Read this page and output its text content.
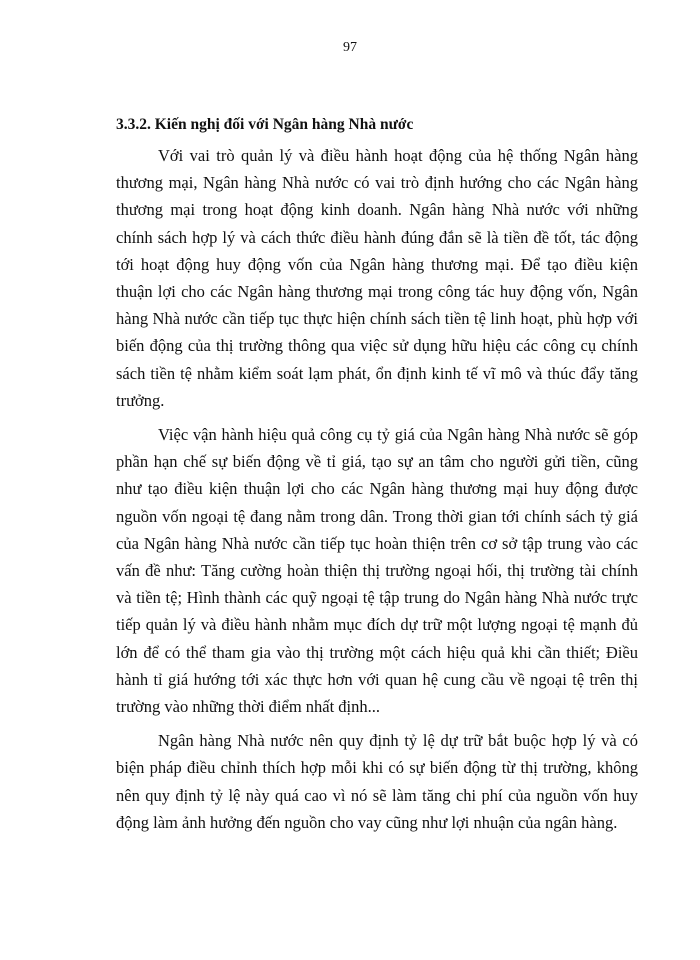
97
3.3.2. Kiến nghị đối với Ngân hàng Nhà nước

Với vai trò quản lý và điều hành hoạt động của hệ thống Ngân hàng thương mại, Ngân hàng Nhà nước có vai trò định hướng cho các Ngân hàng thương mại trong hoạt động kinh doanh. Ngân hàng Nhà nước với những chính sách hợp lý và cách thức điều hành đúng đắn sẽ là tiền đề tốt, tác động tới hoạt động huy động vốn của Ngân hàng thương mại. Để tạo điều kiện thuận lợi cho các Ngân hàng thương mại trong công tác huy động vốn, Ngân hàng Nhà nước cần tiếp tục thực hiện chính sách tiền tệ linh hoạt, phù hợp với biến động của thị trường thông qua việc sử dụng hữu hiệu các công cụ chính sách tiền tệ nhằm kiểm soát lạm phát, ổn định kinh tế vĩ mô và thúc đẩy tăng trưởng.

Việc vận hành hiệu quả công cụ tỷ giá của Ngân hàng Nhà nước sẽ góp phần hạn chế sự biến động về tỉ giá, tạo sự an tâm cho người gửi tiền, cũng như tạo điều kiện thuận lợi cho các Ngân hàng thương mại huy động được nguồn vốn ngoại tệ đang nằm trong dân. Trong thời gian tới chính sách tỷ giá của Ngân hàng Nhà nước cần tiếp tục hoàn thiện trên cơ sở tập trung vào các vấn đề như: Tăng cường hoàn thiện thị trường ngoại hối, thị trường tài chính và tiền tệ; Hình thành các quỹ ngoại tệ tập trung do Ngân hàng Nhà nước trực tiếp quản lý và điều hành nhằm mục đích dự trữ một lượng ngoại tệ mạnh đủ lớn để có thể tham gia vào thị trường một cách hiệu quả khi cần thiết; Điều hành tỉ giá hướng tới xác thực hơn với quan hệ cung cầu về ngoại tệ trên thị trường vào những thời điểm nhất định...

Ngân hàng Nhà nước nên quy định tỷ lệ dự trữ bắt buộc hợp lý và có biện pháp điều chỉnh thích hợp mỗi khi có sự biến động từ thị trường, không nên quy định tỷ lệ này quá cao vì nó sẽ làm tăng chi phí của nguồn vốn huy động làm ảnh hưởng đến nguồn cho vay cũng như lợi nhuận của ngân hàng.
